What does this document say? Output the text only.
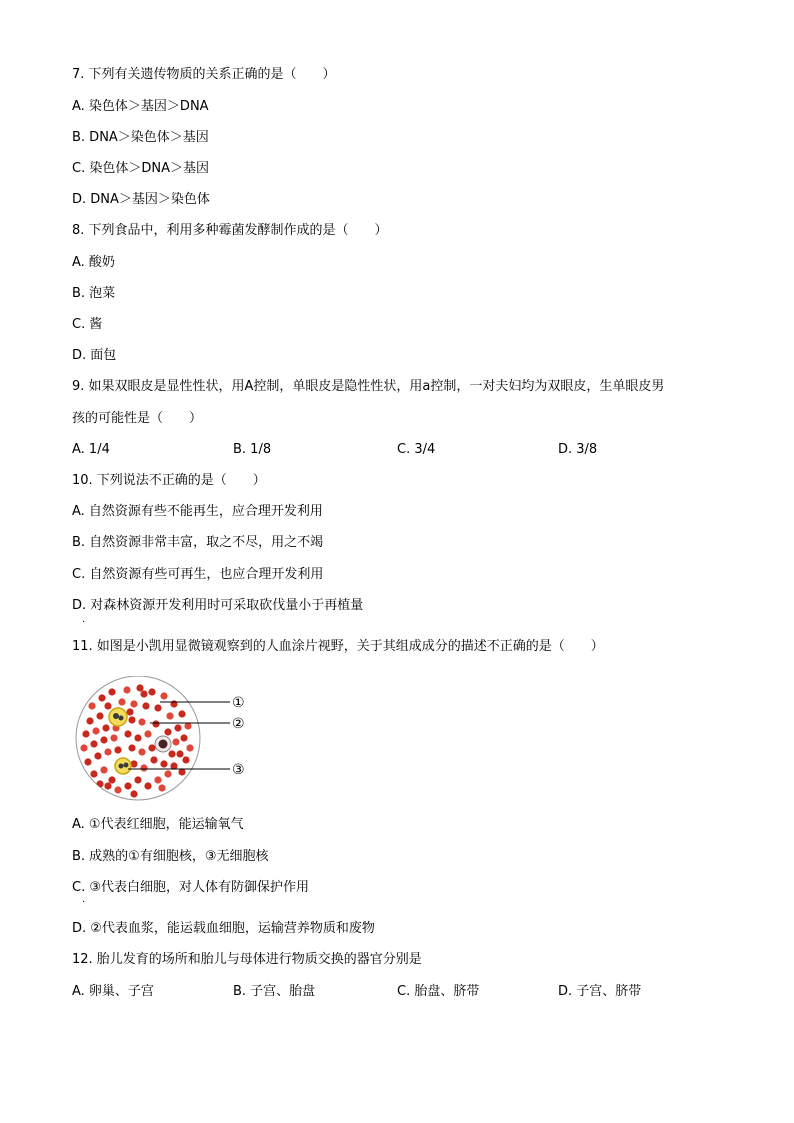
7. 下列有关遗传物质的关系正确的是（　　）
A. 染色体＞基因＞DNA
B. DNA＞染色体＞基因
C. 染色体＞DNA＞基因
D. DNA＞基因＞染色体
8. 下列食品中，利用多种霉菌发酵制作成的是（　　）
A. 酸奶
B. 泡菜
C. 酱
D. 面包
9. 如果双眼皮是显性性状，用A控制，单眼皮是隐性性状，用a控制，一对夫妇均为双眼皮，生单眼皮男
孩的可能性是（　　）
A. 1/4	B. 1/8	C. 3/4	D. 3/8
10. 下列说法不正确的是（　　）
A. 自然资源有些不能再生，应合理开发利用
B. 自然资源非常丰富，取之不尽，用之不竭
C. 自然资源有些可再生，也应合理开发利用
D. 对森林资源开发利用时可采取砍伐量小于再植量
·
11. 如图是小凯用显微镜观察到的人血涂片视野，关于其组成成分的描述不正确的是（　　）
①
②
③
A. ①代表红细胞，能运输氧气
B. 成熟的①有细胞核，③无细胞核
C. ③代表白细胞，对人体有防御保护作用
·
D. ②代表血浆，能运载血细胞，运输营养物质和废物
12. 胎儿发育的场所和胎儿与母体进行物质交换的器官分别是
A. 卵巢、子宫	B. 子宫、胎盘	C. 胎盘、脐带	D. 子宫、脐带
